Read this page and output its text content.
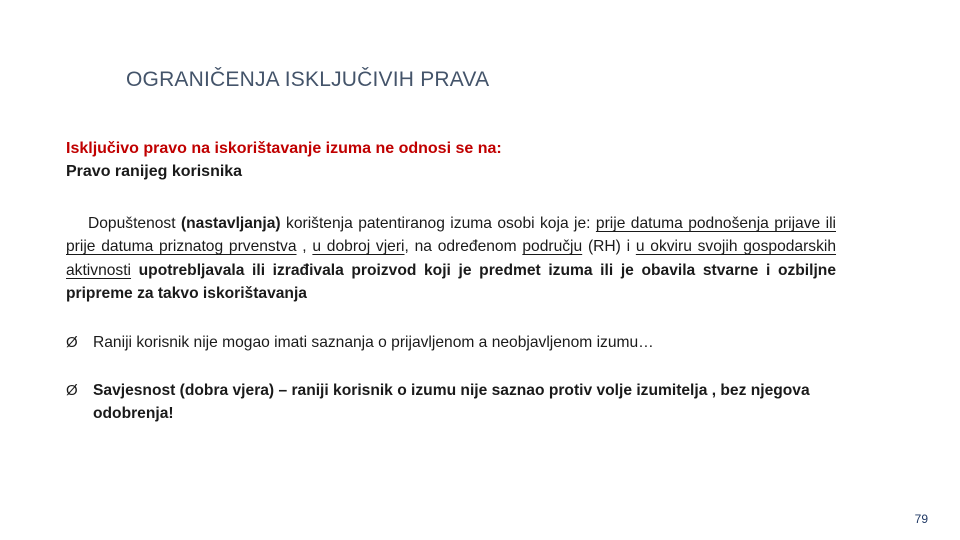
OGRANIČENJA ISKLJUČIVIH PRAVA
Isključivo pravo na iskorištavanje izuma ne odnosi se na:
Pravo ranijeg korisnika
Dopuštenost (nastavljanja) korištenja patentiranog izuma osobi koja je: prije datuma podnošenja prijave ili prije datuma priznatog prvenstva , u dobroj vjeri, na određenom području (RH) i u okviru svojih gospodarskih aktivnosti upotrebljavala ili izrađivala proizvod koji je predmet izuma ili je obavila stvarne i ozbiljne pripreme za takvo iskorištavanja
Ø Raniji korisnik nije mogao imati saznanja o prijavljenom a neobjavljenom izumu…
Ø Savjesnost (dobra vjera) – raniji korisnik o izumu nije saznao protiv volje izumitelja , bez njegova odobrenja!
79
